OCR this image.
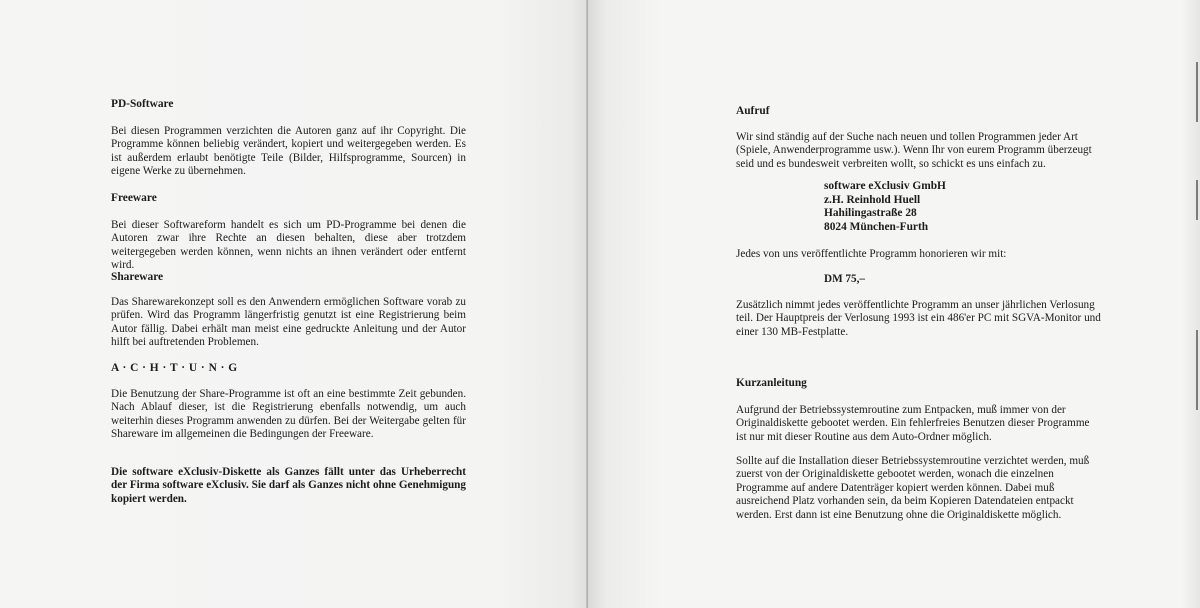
PD-Software

Bei diesen Programmen verzichten die Autoren ganz auf ihr Copyright. Die Programme können beliebig verändert, kopiert und weitergegeben werden. Es ist außerdem erlaubt benötigte Teile (Bilder, Hilfsprogramme, Sourcen) in eigene Werke zu übernehmen.

Freeware

Bei dieser Softwareform handelt es sich um PD-Programme bei denen die Autoren zwar ihre Rechte an diesen behalten, diese aber trotzdem weitergegeben werden können, wenn nichts an ihnen verändert oder entfernt wird.

Shareware

Das Sharewarekonzept soll es den Anwendern ermöglichen Software vorab zu prüfen. Wird das Programm längerfristig genutzt ist eine Registrierung beim Autor fällig. Dabei erhält man meist eine gedruckte Anleitung und der Autor hilft bei auftretenden Problemen.

A · C · H · T · U · N · G

Die Benutzung der Share-Programme ist oft an eine bestimmte Zeit gebunden. Nach Ablauf dieser, ist die Registrierung ebenfalls notwendig, um auch weiterhin dieses Programm anwenden zu dürfen. Bei der Weitergabe gelten für Shareware im allgemeinen die Bedingungen der Freeware.

Die software eXclusiv-Diskette als Ganzes fällt unter das Urheberrecht der Firma software eXclusiv. Sie darf als Ganzes nicht ohne Genehmigung kopiert werden.

Aufruf

Wir sind ständig auf der Suche nach neuen und tollen Programmen jeder Art (Spiele, Anwenderprogramme usw.). Wenn Ihr von eurem Programm überzeugt seid und es bundesweit verbreiten wollt, so schickt es uns einfach zu.

software eXclusiv GmbH
z.H. Reinhold Huell
Hahilingastraße 28
8024 München-Furth

Jedes von uns veröffentlichte Programm honorieren wir mit:

DM 75,–

Zusätzlich nimmt jedes veröffentlichte Programm an unser jährlichen Verlosung teil. Der Hauptpreis der Verlosung 1993 ist ein 486'er PC mit SGVA-Monitor und einer 130 MB-Festplatte.

Kurzanleitung

Aufgrund der Betriebssystemroutine zum Entpacken, muß immer von der Originaldiskette gebootet werden. Ein fehlerfreies Benutzen dieser Programme ist nur mit dieser Routine aus dem Auto-Ordner möglich.

Sollte auf die Installation dieser Betriebssystemroutine verzichtet werden, muß zuerst von der Originaldiskette gebootet werden, wonach die einzelnen Programme auf andere Datenträger kopiert werden können. Dabei muß ausreichend Platz vorhanden sein, da beim Kopieren Datendateien entpackt werden. Erst dann ist eine Benutzung ohne die Originaldiskette möglich.
